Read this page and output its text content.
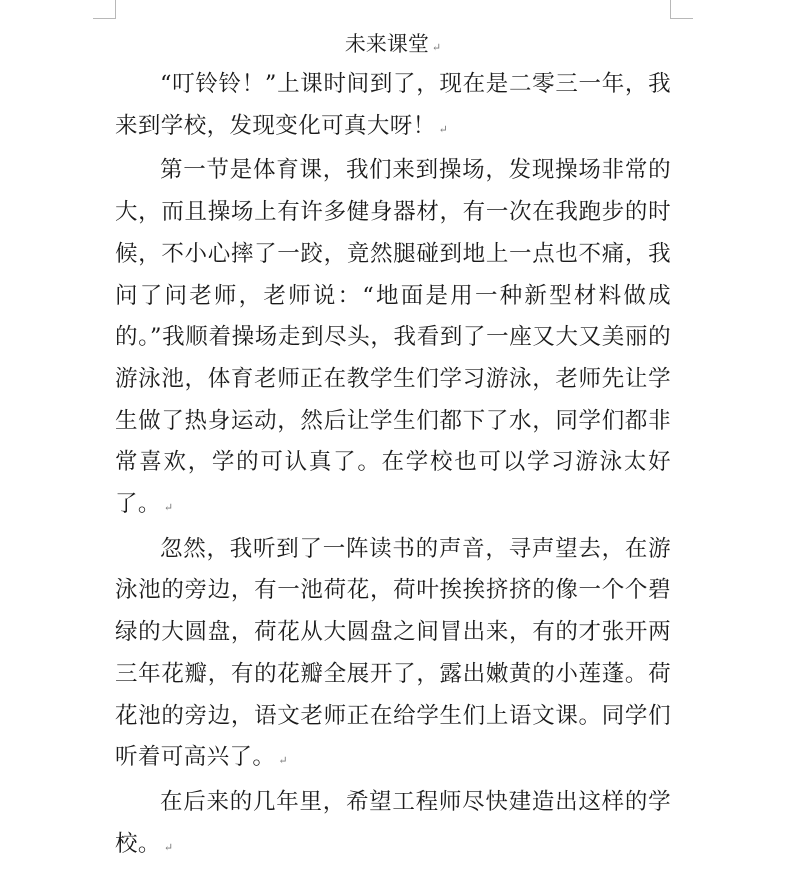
未来课堂 ↵

“叮铃铃！”上课时间到了，现在是二零三一年，我来到学校，发现变化可真大呀！ ↵

第一节是体育课，我们来到操场，发现操场非常的大，而且操场上有许多健身器材，有一次在我跑步的时候，不小心摔了一跤，竟然腿碰到地上一点也不痛，我问了问老师，老师说：“地面是用一种新型材料做成的。”我顺着操场走到尽头，我看到了一座又大又美丽的游泳池，体育老师正在教学生们学习游泳，老师先让学生做了热身运动，然后让学生们都下了水，同学们都非常喜欢，学的可认真了。在学校也可以学习游泳太好了。 ↵

忽然，我听到了一阵读书的声音，寻声望去，在游泳池的旁边，有一池荷花，荷叶挨挨挤挤的像一个个碧绿的大圆盘，荷花从大圆盘之间冒出来，有的才张开两三年花瓣，有的花瓣全展开了，露出嫩黄的小莲蓬。荷花池的旁边，语文老师正在给学生们上语文课。同学们听着可高兴了。 ↵

在后来的几年里，希望工程师尽快建造出这样的学校。 ↵
